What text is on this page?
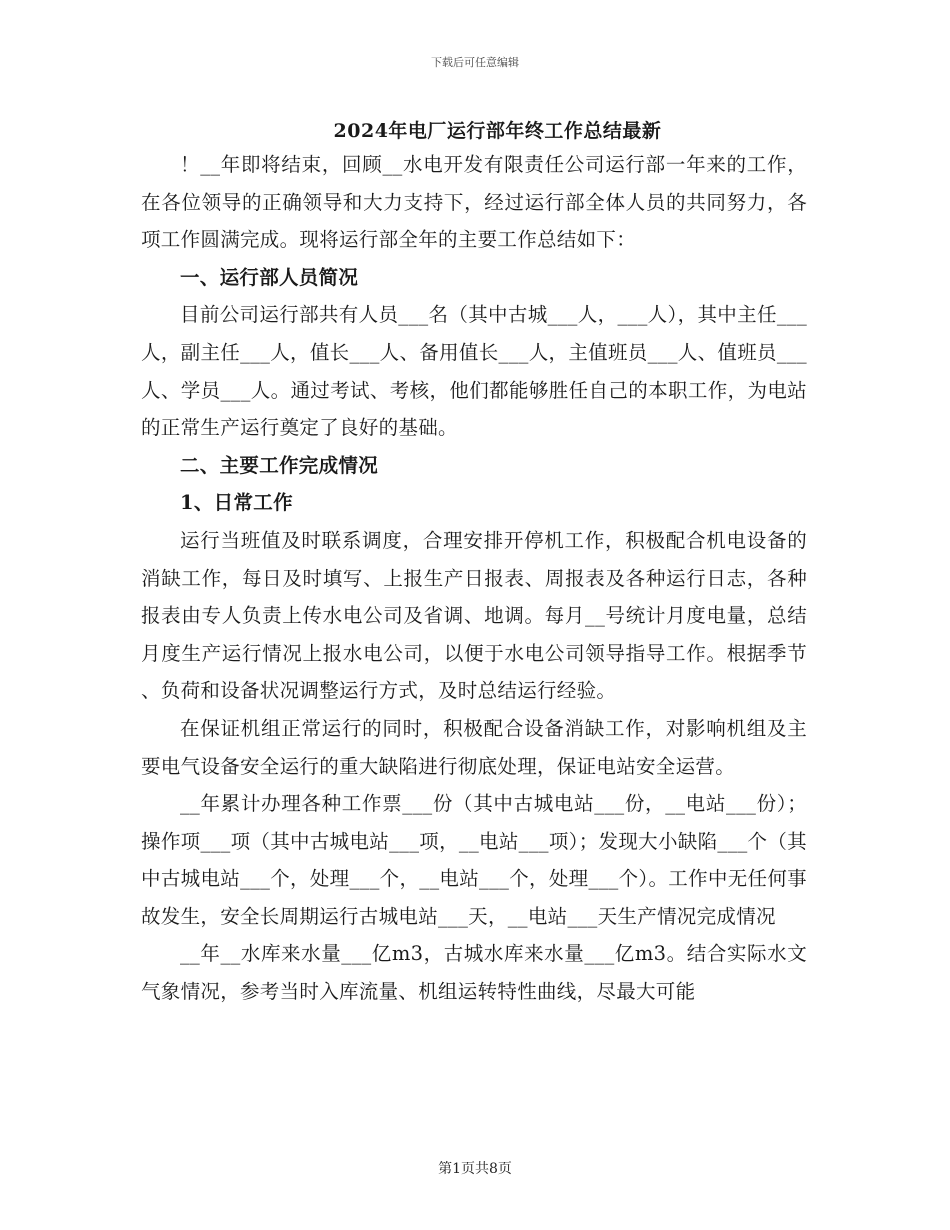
下载后可任意编辑
2024年电厂运行部年终工作总结最新

！__年即将结束，回顾__水电开发有限责任公司运行部一年来的工作，在各位领导的正确领导和大力支持下，经过运行部全体人员的共同努力，各项工作圆满完成。现将运行部全年的主要工作总结如下：

一、运行部人员简况

目前公司运行部共有人员___名（其中古城___人，___人），其中主任___人，副主任___人，值长___人、备用值长___人，主值班员___人、值班员___人、学员___人。通过考试、考核，他们都能够胜任自己的本职工作，为电站的正常生产运行奠定了良好的基础。

二、主要工作完成情况
1、日常工作

运行当班值及时联系调度，合理安排开停机工作，积极配合机电设备的消缺工作，每日及时填写、上报生产日报表、周报表及各种运行日志，各种报表由专人负责上传水电公司及省调、地调。每月__号统计月度电量，总结月度生产运行情况上报水电公司，以便于水电公司领导指导工作。根据季节、负荷和设备状况调整运行方式，及时总结运行经验。

在保证机组正常运行的同时，积极配合设备消缺工作，对影响机组及主要电气设备安全运行的重大缺陷进行彻底处理，保证电站安全运营。

__年累计办理各种工作票___份（其中古城电站___份，__电站___份）；操作项___项（其中古城电站___项，__电站___项）；发现大小缺陷___个（其中古城电站___个，处理___个，__电站___个，处理___个）。工作中无任何事故发生，安全长周期运行古城电站___天，__电站___天生产情况完成情况

__年__水库来水量___亿m3，古城水库来水量___亿m3。结合实际水文气象情况，参考当时入库流量、机组运转特性曲线，尽最大可能

第1页共8页
